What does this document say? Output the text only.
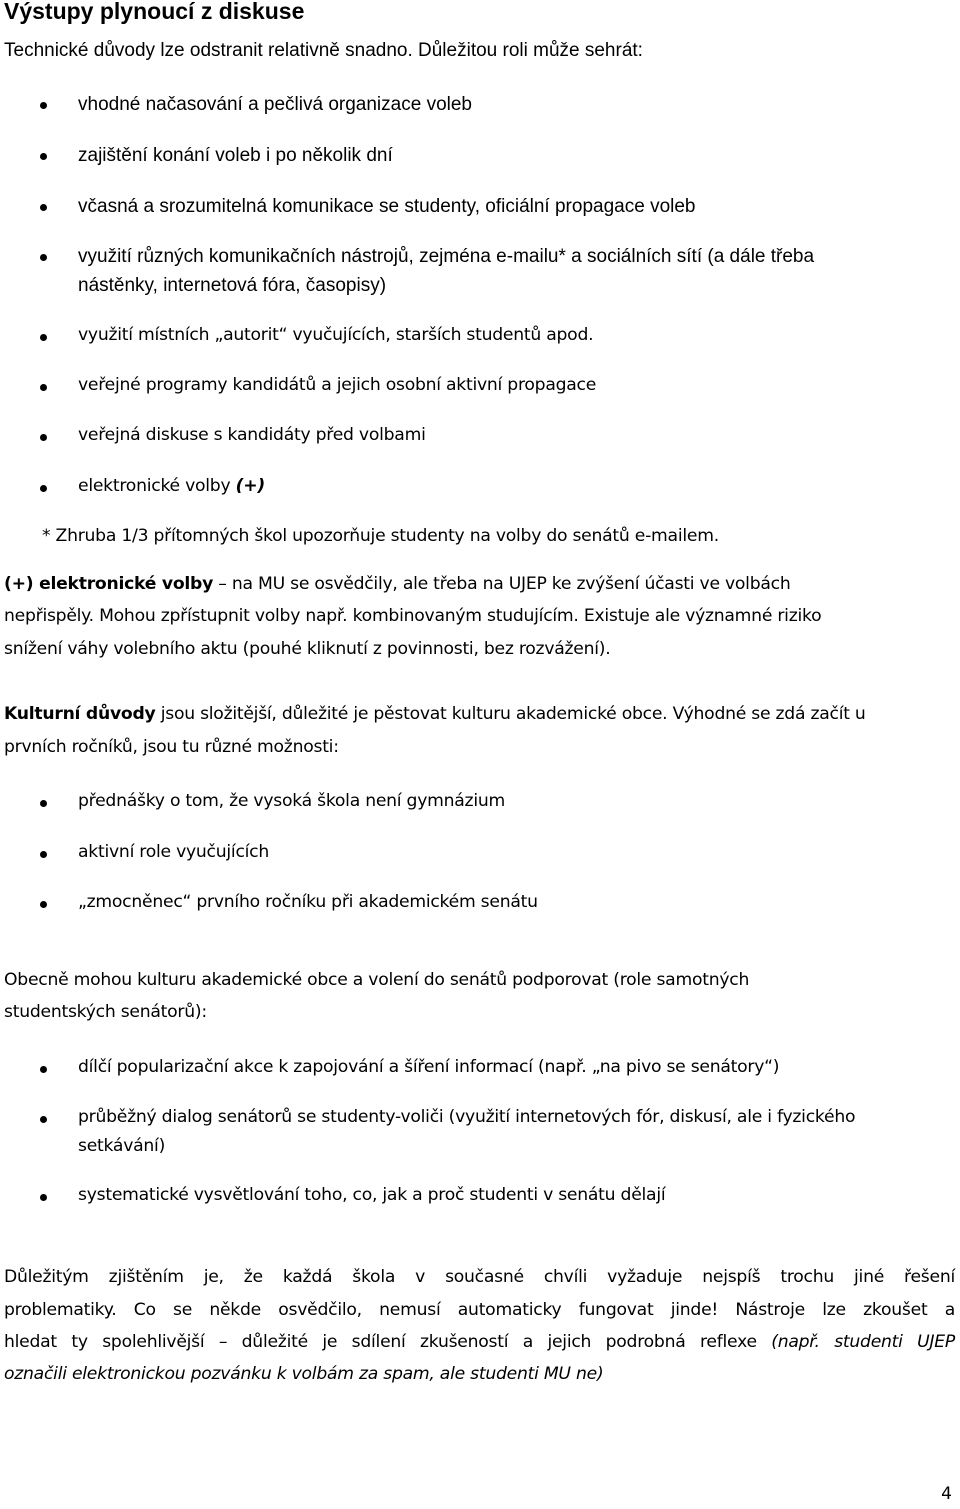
Výstupy plynoucí z diskuse
Technické důvody lze odstranit relativně snadno. Důležitou roli může sehrát:
vhodné načasování a pečlivá organizace voleb
zajištění konání voleb i po několik dní
včasná a srozumitelná komunikace se studenty, oficiální propagace voleb
využití různých komunikačních nástrojů, zejména e-mailu* a sociálních sítí (a dále třeba
nástěnky, internetová fóra, časopisy)
využití místních „autorit“ vyučujících, starších studentů apod.
veřejné programy kandidátů a jejich osobní aktivní propagace
veřejná diskuse s kandidáty před volbami
elektronické volby (+)
* Zhruba 1/3 přítomných škol upozorňuje studenty na volby do senátů e-mailem.
(+) elektronické volby – na MU se osvědčily, ale třeba na UJEP ke zvýšení účasti ve volbách
nepřispěly. Mohou zpřístupnit volby např. kombinovaným studujícím. Existuje ale významné riziko
snížení váhy volebního aktu (pouhé kliknutí z povinnosti, bez rozvážení).
Kulturní důvody jsou složitější, důležité je pěstovat kulturu akademické obce. Výhodné se zdá začít u
prvních ročníků, jsou tu různé možnosti:
přednášky o tom, že vysoká škola není gymnázium
aktivní role vyučujících
„zmocněnec“ prvního ročníku při akademickém senátu
Obecně mohou kulturu akademické obce a volení do senátů podporovat (role samotných
studentských senátorů):
dílčí popularizační akce k zapojování a šíření informací (např. „na pivo se senátory“)
průběžný dialog senátorů se studenty-voliči (využití internetových fór, diskusí, ale i fyzického
setkávání)
systematické vysvětlování toho, co, jak a proč studenti v senátu dělají
Důležitým zjištěním je, že každá škola v současné chvíli vyžaduje nejspíš trochu jiné řešení
problematiky. Co se někde osvědčilo, nemusí automaticky fungovat jinde! Nástroje lze zkoušet a
hledat ty spolehlivější – důležité je sdílení zkušeností a jejich podrobná reflexe (např. studenti UJEP
označili elektronickou pozvánku k volbám za spam, ale studenti MU ne)
4
